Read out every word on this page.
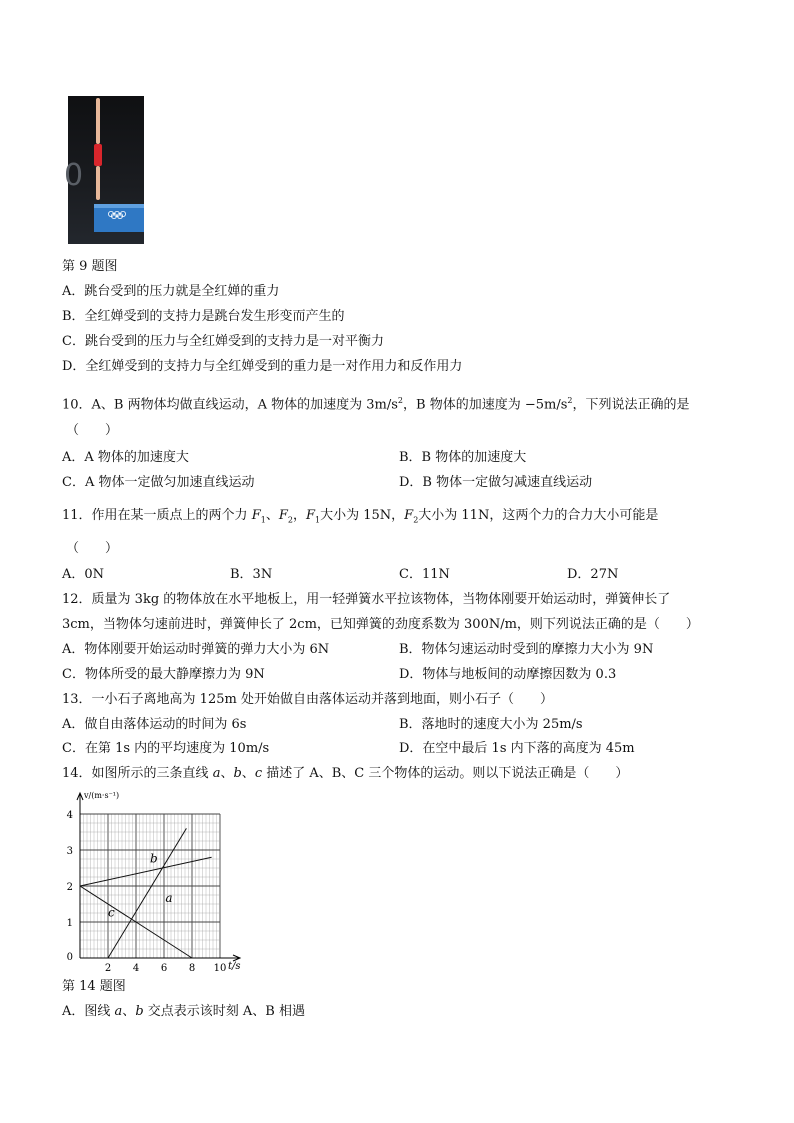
0
第 9 题图
A．跳台受到的压力就是全红婵的重力
B．全红婵受到的支持力是跳台发生形变而产生的
C．跳台受到的压力与全红婵受到的支持力是一对平衡力
D．全红婵受到的支持力与全红婵受到的重力是一对作用力和反作用力
10．A、B 两物体均做直线运动，A 物体的加速度为 $3m/s^2$，B 物体的加速度为 $-5m/s^2$，下列说法正确的是
（　　）
A．A 物体的加速度大	B．B 物体的加速度大
C．A 物体一定做匀加速直线运动	D．B 物体一定做匀减速直线运动
11．作用在某一质点上的两个力 $F_1$、$F_2$，$F_1$大小为 15N，$F_2$大小为 11N，这两个力的合力大小可能是
（　　）
A．0N	B．3N	C．11N	D．27N
12．质量为 3kg 的物体放在水平地板上，用一轻弹簧水平拉该物体，当物体刚要开始运动时，弹簧伸长了
3cm，当物体匀速前进时，弹簧伸长了 2cm，已知弹簧的劲度系数为 300N/m，则下列说法正确的是（　　）
A．物体刚要开始运动时弹簧的弹力大小为 6N	B．物体匀速运动时受到的摩擦力大小为 9N
C．物体所受的最大静摩擦力为 9N	D．物体与地板间的动摩擦因数为 0.3
13．一小石子离地高为 125m 处开始做自由落体运动并落到地面，则小石子（　　）
A．做自由落体运动的时间为 6s	B．落地时的速度大小为 25m/s
C．在第 1s 内的平均速度为 10m/s	D．在空中最后 1s 内下落的高度为 45m
14．如图所示的三条直线 a、b、c 描述了 A、B、C 三个物体的运动。则以下说法正确是（　　）
2 4 6 8 10
1
2
3
4
0
a
b
c
v/(m·s⁻¹)
t/s
第 14 题图
A．图线 a、b 交点表示该时刻 A、B 相遇
